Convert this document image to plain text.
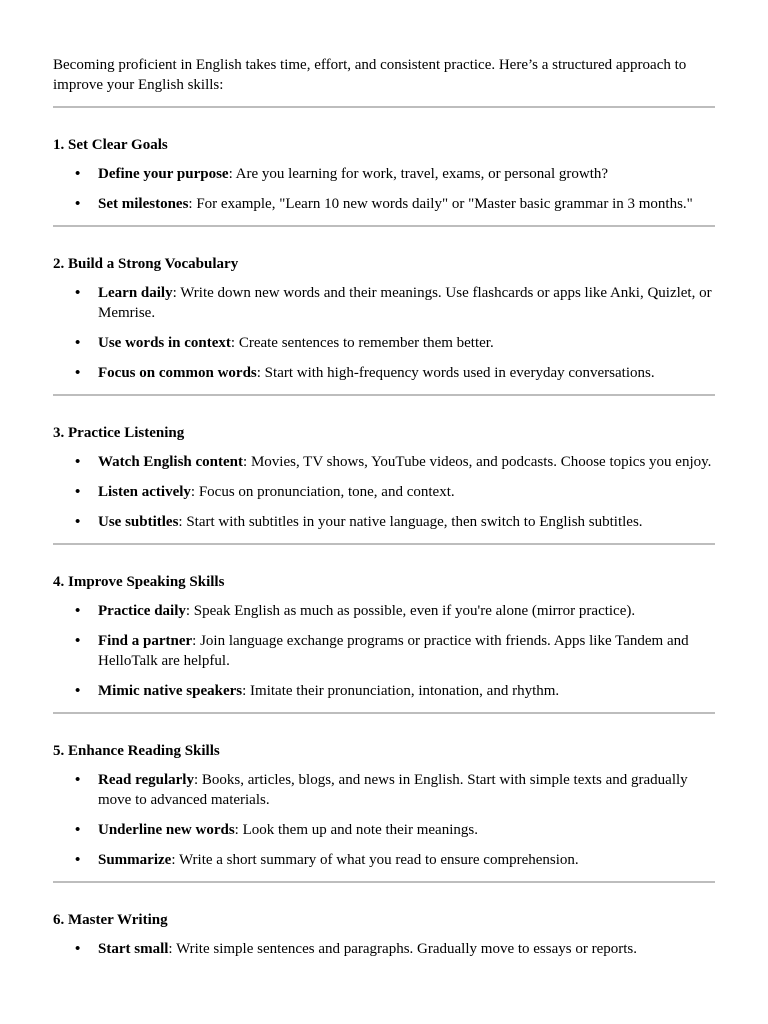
Becoming proficient in English takes time, effort, and consistent practice. Here’s a structured approach to improve your English skills:

1. Set Clear Goals
• Define your purpose: Are you learning for work, travel, exams, or personal growth?
• Set milestones: For example, "Learn 10 new words daily" or "Master basic grammar in 3 months."
2. Build a Strong Vocabulary
• Learn daily: Write down new words and their meanings. Use flashcards or apps like Anki, Quizlet, or Memrise.
• Use words in context: Create sentences to remember them better.
• Focus on common words: Start with high-frequency words used in everyday conversations.
3. Practice Listening
• Watch English content: Movies, TV shows, YouTube videos, and podcasts. Choose topics you enjoy.
• Listen actively: Focus on pronunciation, tone, and context.
• Use subtitles: Start with subtitles in your native language, then switch to English subtitles.
4. Improve Speaking Skills
• Practice daily: Speak English as much as possible, even if you're alone (mirror practice).
• Find a partner: Join language exchange programs or practice with friends. Apps like Tandem and HelloTalk are helpful.
• Mimic native speakers: Imitate their pronunciation, intonation, and rhythm.
5. Enhance Reading Skills
• Read regularly: Books, articles, blogs, and news in English. Start with simple texts and gradually move to advanced materials.
• Underline new words: Look them up and note their meanings.
• Summarize: Write a short summary of what you read to ensure comprehension.
6. Master Writing
• Start small: Write simple sentences and paragraphs. Gradually move to essays or reports.
